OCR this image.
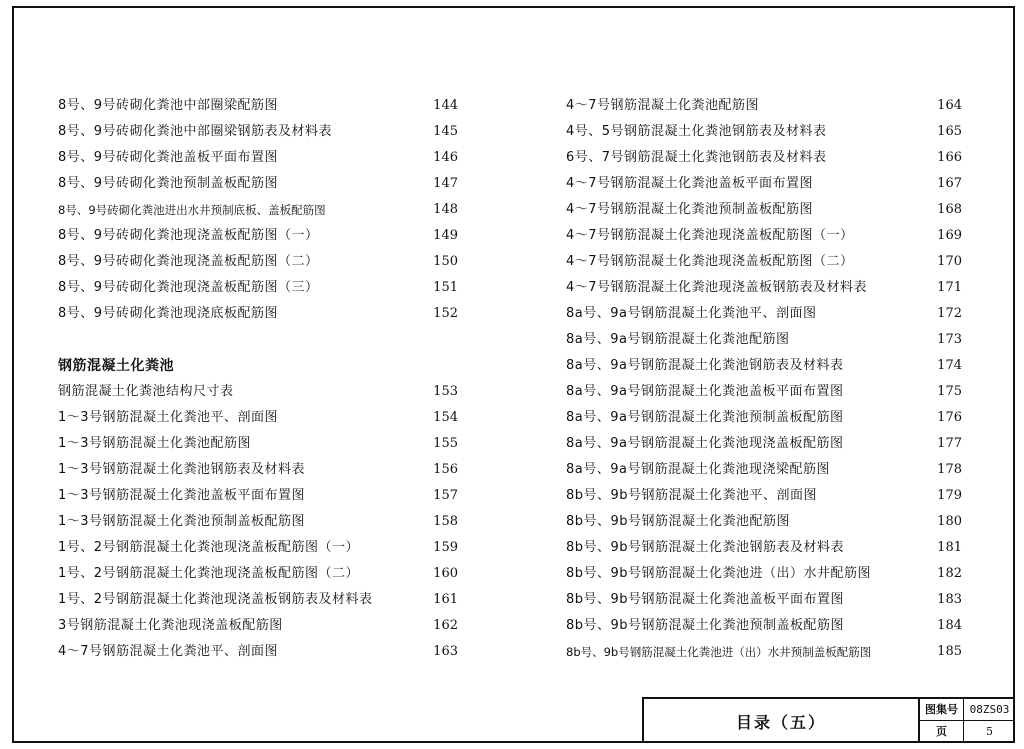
8号、9号砖砌化粪池中部圈梁配筋图	144
8号、9号砖砌化粪池中部圈梁钢筋表及材料表	145
8号、9号砖砌化粪池盖板平面布置图	146
8号、9号砖砌化粪池预制盖板配筋图	147
8号、9号砖砌化粪池进出水井预制底板、盖板配筋图	148
8号、9号砖砌化粪池现浇盖板配筋图（一）	149
8号、9号砖砌化粪池现浇盖板配筋图（二）	150
8号、9号砖砌化粪池现浇盖板配筋图（三）	151
8号、9号砖砌化粪池现浇底板配筋图	152
钢筋混凝土化粪池
钢筋混凝土化粪池结构尺寸表	153
1～3号钢筋混凝土化粪池平、剖面图	154
1～3号钢筋混凝土化粪池配筋图	155
1～3号钢筋混凝土化粪池钢筋表及材料表	156
1～3号钢筋混凝土化粪池盖板平面布置图	157
1～3号钢筋混凝土化粪池预制盖板配筋图	158
1号、2号钢筋混凝土化粪池现浇盖板配筋图（一）	159
1号、2号钢筋混凝土化粪池现浇盖板配筋图（二）	160
1号、2号钢筋混凝土化粪池现浇盖板钢筋表及材料表	161
3号钢筋混凝土化粪池现浇盖板配筋图	162
4～7号钢筋混凝土化粪池平、剖面图	163
4～7号钢筋混凝土化粪池配筋图	164
4号、5号钢筋混凝土化粪池钢筋表及材料表	165
6号、7号钢筋混凝土化粪池钢筋表及材料表	166
4～7号钢筋混凝土化粪池盖板平面布置图	167
4～7号钢筋混凝土化粪池预制盖板配筋图	168
4～7号钢筋混凝土化粪池现浇盖板配筋图（一）	169
4～7号钢筋混凝土化粪池现浇盖板配筋图（二）	170
4～7号钢筋混凝土化粪池现浇盖板钢筋表及材料表	171
8a号、9a号钢筋混凝土化粪池平、剖面图	172
8a号、9a号钢筋混凝土化粪池配筋图	173
8a号、9a号钢筋混凝土化粪池钢筋表及材料表	174
8a号、9a号钢筋混凝土化粪池盖板平面布置图	175
8a号、9a号钢筋混凝土化粪池预制盖板配筋图	176
8a号、9a号钢筋混凝土化粪池现浇盖板配筋图	177
8a号、9a号钢筋混凝土化粪池现浇梁配筋图	178
8b号、9b号钢筋混凝土化粪池平、剖面图	179
8b号、9b号钢筋混凝土化粪池配筋图	180
8b号、9b号钢筋混凝土化粪池钢筋表及材料表	181
8b号、9b号钢筋混凝土化粪池进（出）水井配筋图	182
8b号、9b号钢筋混凝土化粪池盖板平面布置图	183
8b号、9b号钢筋混凝土化粪池预制盖板配筋图	184
8b号、9b号钢筋混凝土化粪池进（出）水井预制盖板配筋图	185
目录（五）
图集号	08ZS03
页	5
